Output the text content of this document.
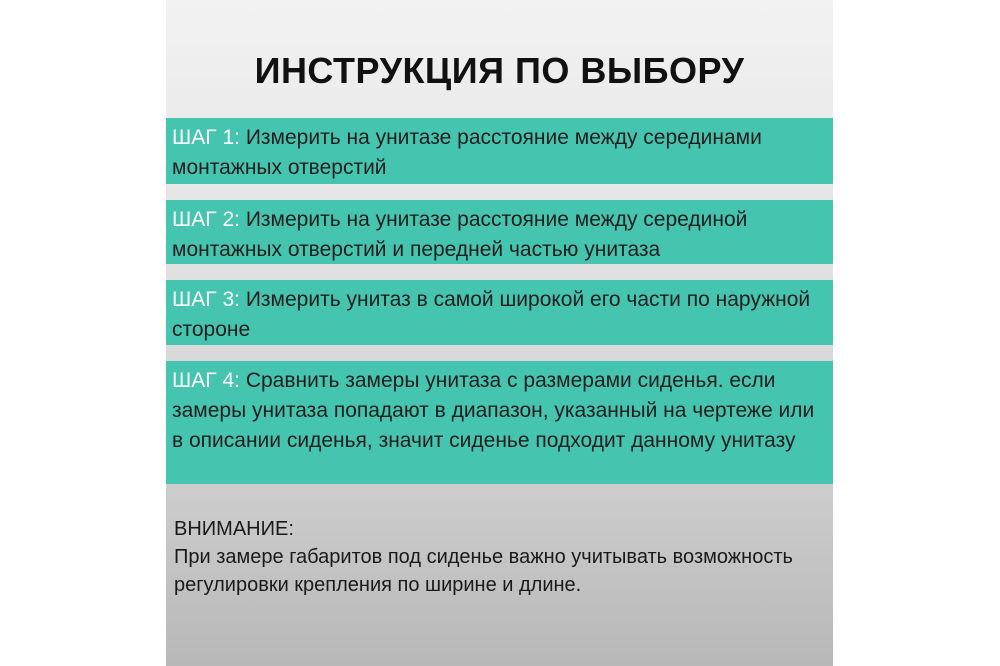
ИНСТРУКЦИЯ ПО ВЫБОРУ
ШАГ 1: Измерить на унитазе расстояние между серединами монтажных отверстий
ШАГ 2: Измерить на унитазе расстояние между серединой монтажных отверстий и передней частью унитаза
ШАГ 3: Измерить унитаз в самой широкой его части по наружной стороне
ШАГ 4: Сравнить замеры унитаза с размерами сиденья. если замеры унитаза попадают в диапазон, указанный на чертеже или в описании сиденья, значит сиденье подходит данному унитазу
ВНИМАНИЕ:
При замере габаритов под сиденье важно учитывать возможность регулировки крепления по ширине и длине.
